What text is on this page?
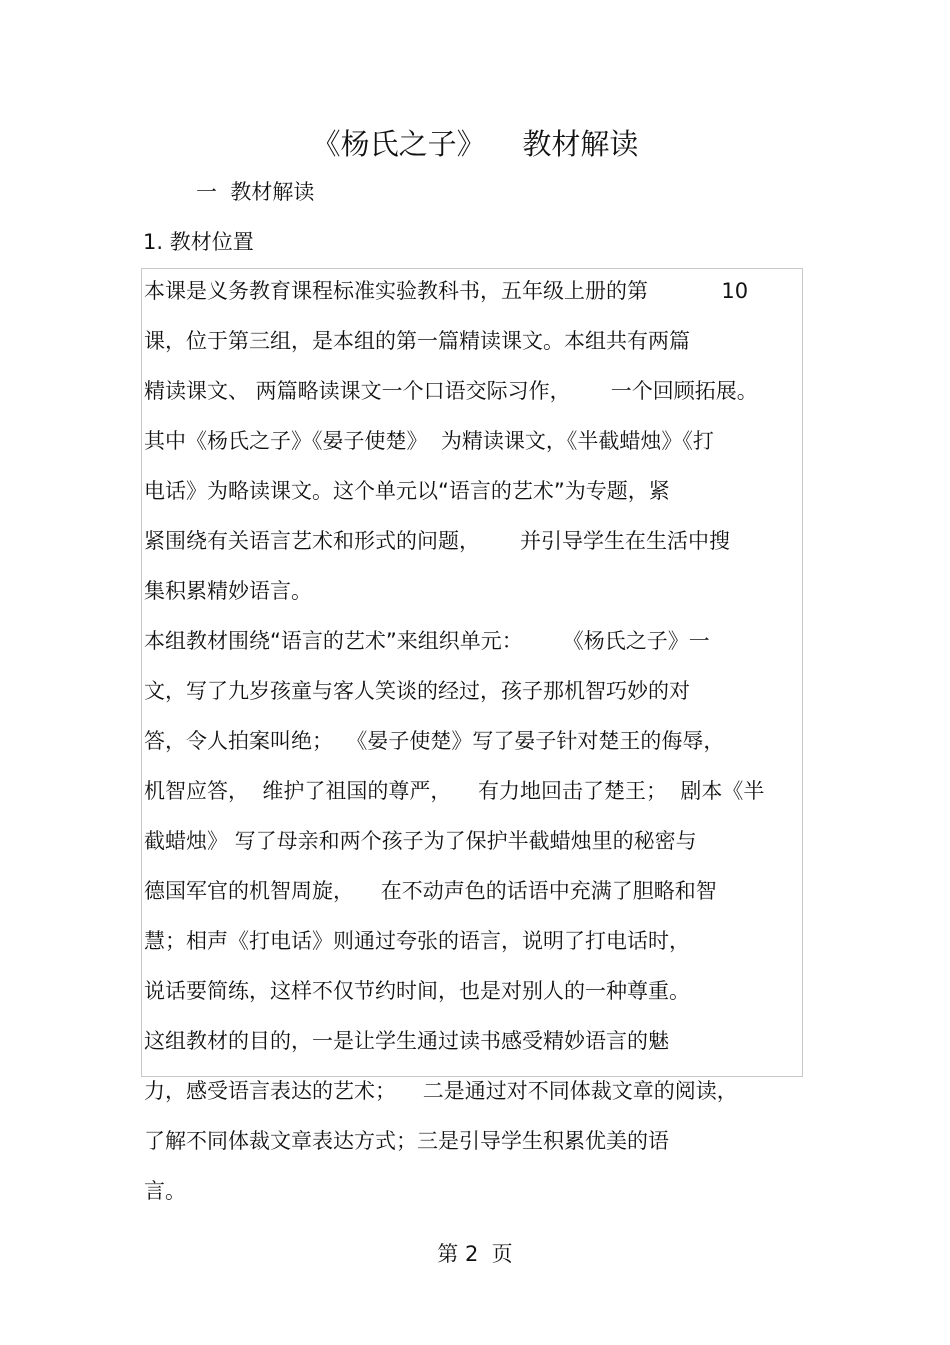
《杨氏之子》    教材解读
一  教材解读
1. 教材位置
本课是义务教育课程标准实验教科书，五年级上册的第           10
课，位于第三组，是本组的第一篇精读课文。本组共有两篇
精读课文、 两篇略读课文一个口语交际习作，      一个回顾拓展。
其中《杨氏之子》《晏子使楚》  为精读课文，《半截蜡烛》《打
电话》为略读课文。这个单元以“语言的艺术”为专题，紧
紧围绕有关语言艺术和形式的问题，      并引导学生在生活中搜
集积累精妙语言。
本组教材围绕“语言的艺术”来组织单元：      《杨氏之子》一
文，写了九岁孩童与客人笑谈的经过，孩子那机智巧妙的对
答，令人拍案叫绝；  《晏子使楚》写了晏子针对楚王的侮辱，
机智应答，  维护了祖国的尊严，    有力地回击了楚王；  剧本《半
截蜡烛》 写了母亲和两个孩子为了保护半截蜡烛里的秘密与
德国军官的机智周旋，    在不动声色的话语中充满了胆略和智
慧；相声《打电话》则通过夸张的语言，说明了打电话时，
说话要简练，这样不仅节约时间，也是对别人的一种尊重。
这组教材的目的，一是让学生通过读书感受精妙语言的魅
力，感受语言表达的艺术；    二是通过对不同体裁文章的阅读，
了解不同体裁文章表达方式；三是引导学生积累优美的语
言。
第 2  页
